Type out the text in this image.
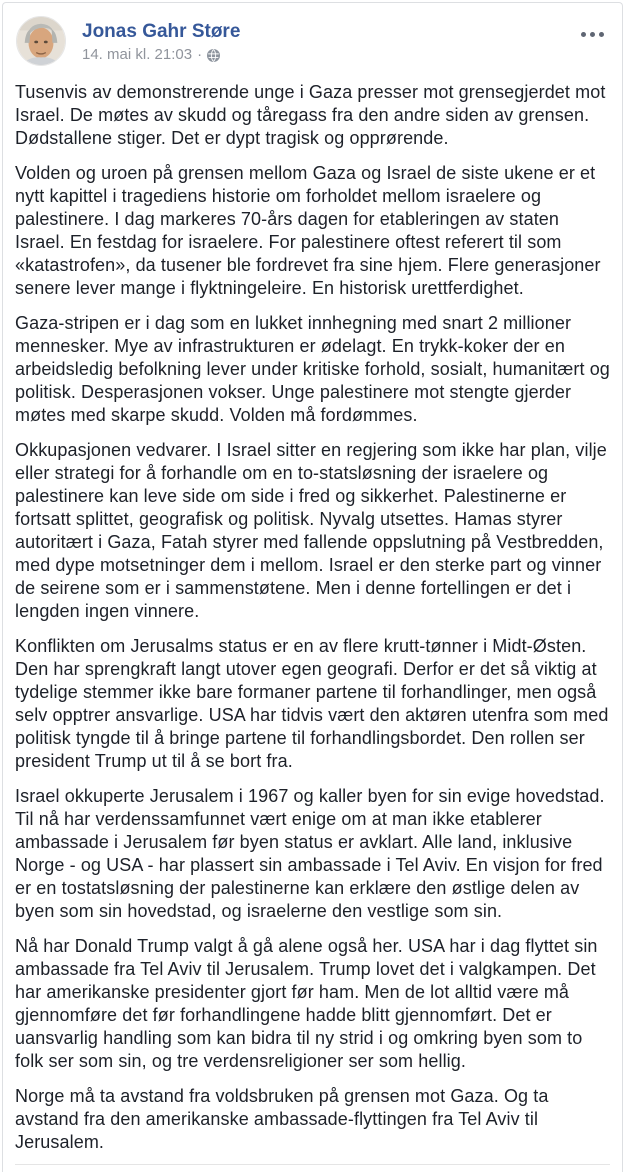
Jonas Gahr Støre
14. mai kl. 21:03 ·

Tusenvis av demonstrerende unge i Gaza presser mot grensegjerdet mot Israel. De møtes av skudd og tåregass fra den andre siden av grensen. Dødstallene stiger. Det er dypt tragisk og opprørende.

Volden og uroen på grensen mellom Gaza og Israel de siste ukene er et nytt kapittel i tragediens historie om forholdet mellom israelere og palestinere. I dag markeres 70-års dagen for etableringen av staten Israel. En festdag for israelere. For palestinere oftest referert til som «katastrofen», da tusener ble fordrevet fra sine hjem. Flere generasjoner senere lever mange i flyktningeleire. En historisk urettferdighet.

Gaza-stripen er i dag som en lukket innhegning med snart 2 millioner mennesker. Mye av infrastrukturen er ødelagt. En trykk-koker der en arbeidsledig befolkning lever under kritiske forhold, sosialt, humanitært og politisk. Desperasjonen vokser. Unge palestinere mot stengte gjerder møtes med skarpe skudd. Volden må fordømmes.

Okkupasjonen vedvarer. I Israel sitter en regjering som ikke har plan, vilje eller strategi for å forhandle om en to-statsløsning der israelere og palestinere kan leve side om side i fred og sikkerhet. Palestinerne er fortsatt splittet, geografisk og politisk. Nyvalg utsettes. Hamas styrer autoritært i Gaza, Fatah styrer med fallende oppslutning på Vestbredden, med dype motsetninger dem i mellom. Israel er den sterke part og vinner de seirene som er i sammenstøtene. Men i denne fortellingen er det i lengden ingen vinnere.

Konflikten om Jerusalms status er en av flere krutt-tønner i Midt-Østen. Den har sprengkraft langt utover egen geografi. Derfor er det så viktig at tydelige stemmer ikke bare formaner partene til forhandlinger, men også selv opptrer ansvarlige. USA har tidvis vært den aktøren utenfra som med politisk tyngde til å bringe partene til forhandlingsbordet. Den rollen ser president Trump ut til å se bort fra.

Israel okkuperte Jerusalem i 1967 og kaller byen for sin evige hovedstad. Til nå har verdenssamfunnet vært enige om at man ikke etablerer ambassade i Jerusalem før byen status er avklart. Alle land, inklusive Norge - og USA - har plassert sin ambassade i Tel Aviv. En visjon for fred er en tostatsløsning der palestinerne kan erklære den østlige delen av byen som sin hovedstad, og israelerne den vestlige som sin.

Nå har Donald Trump valgt å gå alene også her. USA har i dag flyttet sin ambassade fra Tel Aviv til Jerusalem. Trump lovet det i valgkampen. Det har amerikanske presidenter gjort før ham. Men de lot alltid være må gjennomføre det før forhandlingene hadde blitt gjennomført. Det er uansvarlig handling som kan bidra til ny strid i og omkring byen som to folk ser som sin, og tre verdensreligioner ser som hellig.

Norge må ta avstand fra voldsbruken på grensen mot Gaza. Og ta avstand fra den amerikanske ambassade-flyttingen fra Tel Aviv til Jerusalem.
